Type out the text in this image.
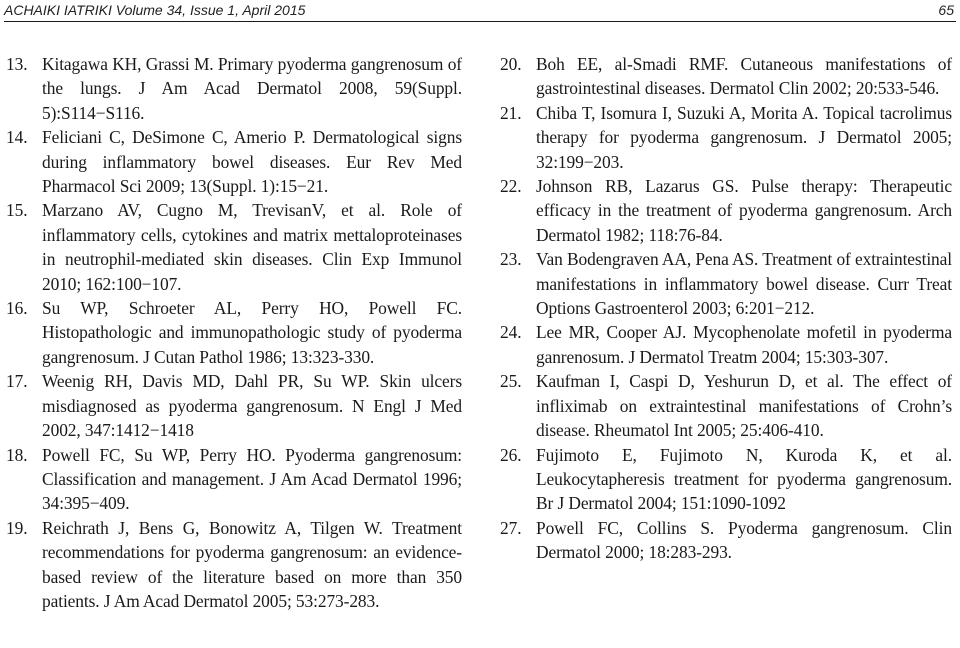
ACHAIKI IATRIKI Volume 34, Issue 1, April 2015	65
13. Kitagawa KH, Grassi M. Primary pyoderma gangrenosum of the lungs. J Am Acad Dermatol 2008, 59(Suppl. 5):S114−S116.
14. Feliciani C, DeSimone C, Amerio P. Dermatological signs during inflammatory bowel diseases. Eur Rev Med Pharmacol Sci 2009; 13(Suppl. 1):15−21.
15. Marzano AV, Cugno M, TrevisanV, et al. Role of inflammatory cells, cytokines and matrix mettaloproteinases in neutrophil-mediated skin diseases. Clin Exp Immunol 2010; 162:100−107.
16. Su WP, Schroeter AL, Perry HO, Powell FC. Histopathologic and immunopathologic study of pyoderma gangrenosum. J Cutan Pathol 1986; 13:323-330.
17. Weenig RH, Davis MD, Dahl PR, Su WP. Skin ulcers misdiagnosed as pyoderma gangrenosum. N Engl J Med 2002, 347:1412−1418
18. Powell FC, Su WP, Perry HO. Pyoderma gangrenosum: Classification and management. J Am Acad Dermatol 1996; 34:395−409.
19. Reichrath J, Bens G, Bonowitz A, Tilgen W. Treatment recommendations for pyoderma gangrenosum: an evidence-based review of the literature based on more than 350 patients. J Am Acad Dermatol 2005; 53:273-283.
20. Boh EE, al-Smadi RMF. Cutaneous manifestations of gastrointestinal diseases. Dermatol Clin 2002; 20:533-546.
21. Chiba T, Isomura I, Suzuki A, Morita A. Topical tacrolimus therapy for pyoderma gangrenosum. J Dermatol 2005; 32:199−203.
22. Johnson RB, Lazarus GS. Pulse therapy: Therapeutic efficacy in the treatment of pyoderma gangrenosum. Arch Dermatol 1982; 118:76-84.
23. Van Bodengraven AA, Pena AS. Treatment of extraintestinal manifestations in inflammatory bowel disease. Curr Treat Options Gastroenterol 2003; 6:201−212.
24. Lee MR, Cooper AJ. Mycophenolate mofetil in pyoderma ganrenosum. J Dermatol Treatm 2004; 15:303-307.
25. Kaufman I, Caspi D, Yeshurun D, et al. The effect of infliximab on extraintestinal manifestations of Crohn’s disease. Rheumatol Int 2005; 25:406-410.
26. Fujimoto E, Fujimoto N, Kuroda K, et al. Leukocytapheresis treatment for pyoderma gangrenosum. Br J Dermatol 2004; 151:1090-1092
27. Powell FC, Collins S. Pyoderma gangrenosum. Clin Dermatol 2000; 18:283-293.
